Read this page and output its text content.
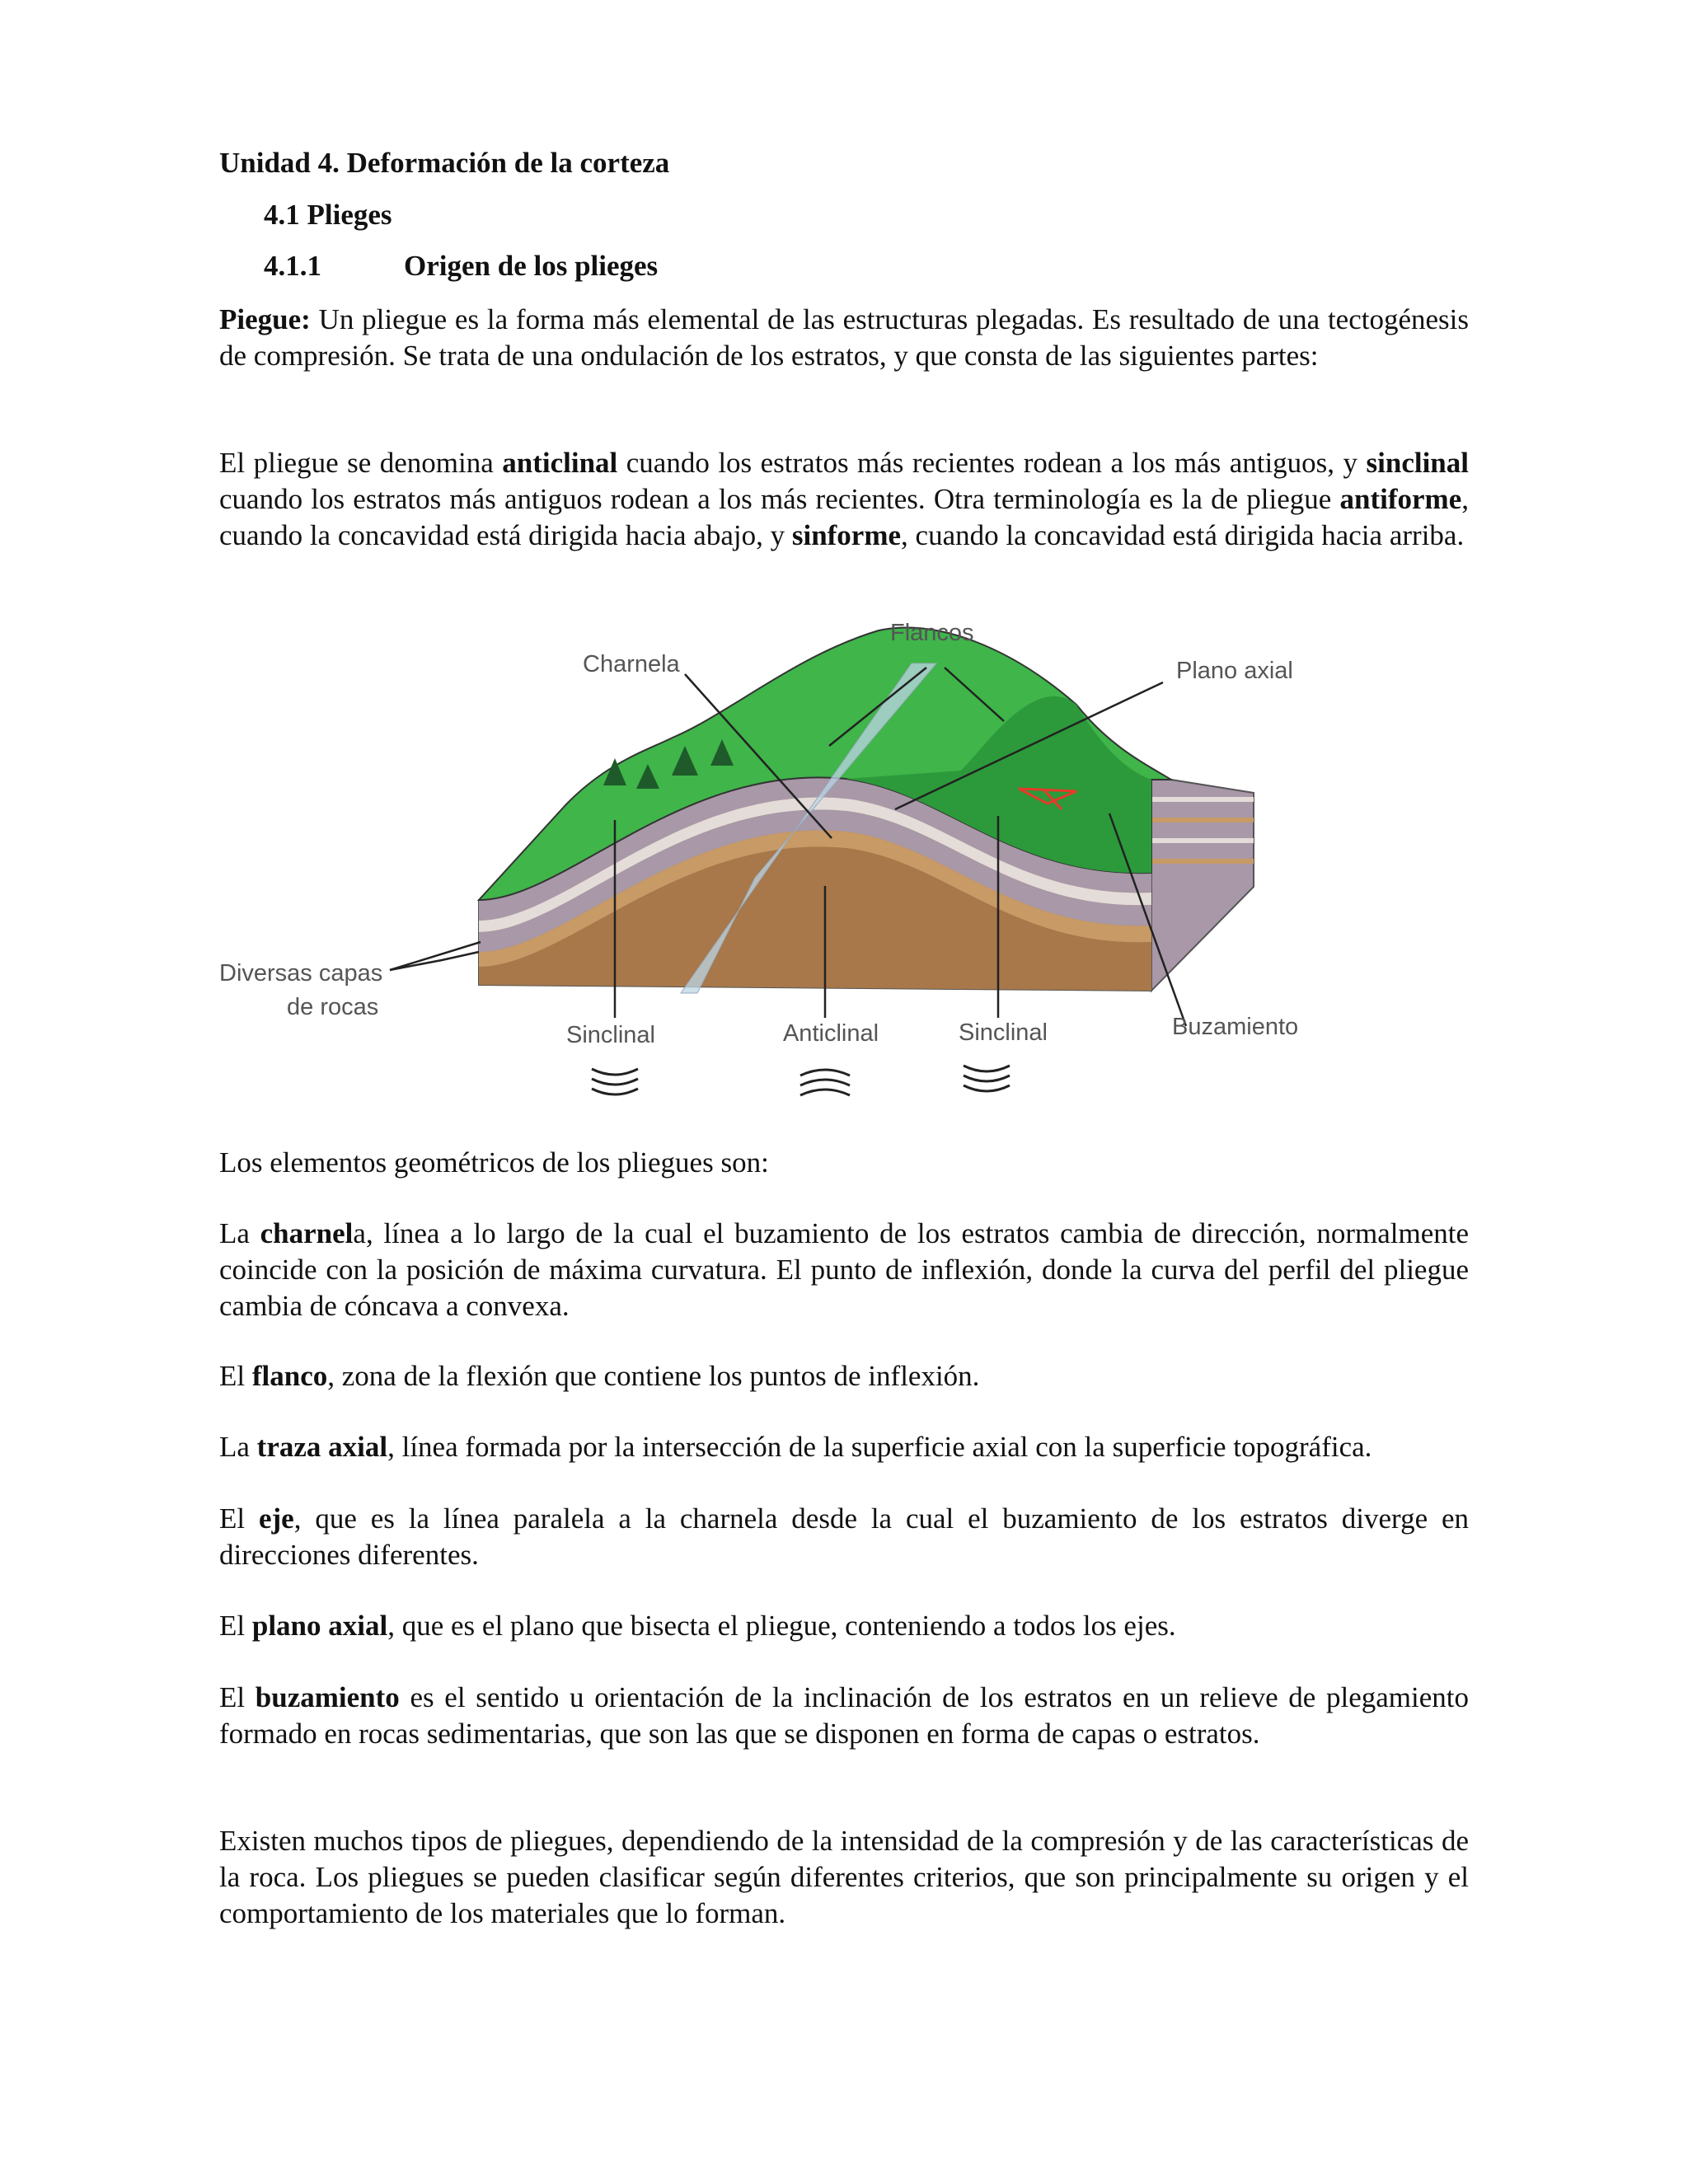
Unidad 4. Deformación de la corteza
4.1 Plieges
4.1.1	Origen de los plieges

Piegue: Un pliegue es la forma más elemental de las estructuras plegadas. Es resultado de una tectogénesis de compresión. Se trata de una ondulación de los estratos, y que consta de las siguientes partes:

El pliegue se denomina anticlinal cuando los estratos más recientes rodean a los más antiguos, y sinclinal cuando los estratos más antiguos rodean a los más recientes. Otra terminología es la de pliegue antiforme, cuando la concavidad está dirigida hacia abajo, y sinforme, cuando la concavidad está dirigida hacia arriba.

Charnela
Flancos
Plano axial
Diversas capas
de rocas
Sinclinal	Anticlinal	Sinclinal	Buzamiento

Los elementos geométricos de los pliegues son:

La charnela, línea a lo largo de la cual el buzamiento de los estratos cambia de dirección, normalmente coincide con la posición de máxima curvatura. El punto de inflexión, donde la curva del perfil del pliegue cambia de cóncava a convexa.

El flanco, zona de la flexión que contiene los puntos de inflexión.

La traza axial, línea formada por la intersección de la superficie axial con la superficie topográfica.

El eje, que es la línea paralela a la charnela desde la cual el buzamiento de los estratos diverge en direcciones diferentes.

El plano axial, que es el plano que bisecta el pliegue, conteniendo a todos los ejes.

El buzamiento es el sentido u orientación de la inclinación de los estratos en un relieve de plegamiento formado en rocas sedimentarias, que son las que se disponen en forma de capas o estratos.

Existen muchos tipos de pliegues, dependiendo de la intensidad de la compresión y de las características de la roca. Los pliegues se pueden clasificar según diferentes criterios, que son principalmente su origen y el comportamiento de los materiales que lo forman.
